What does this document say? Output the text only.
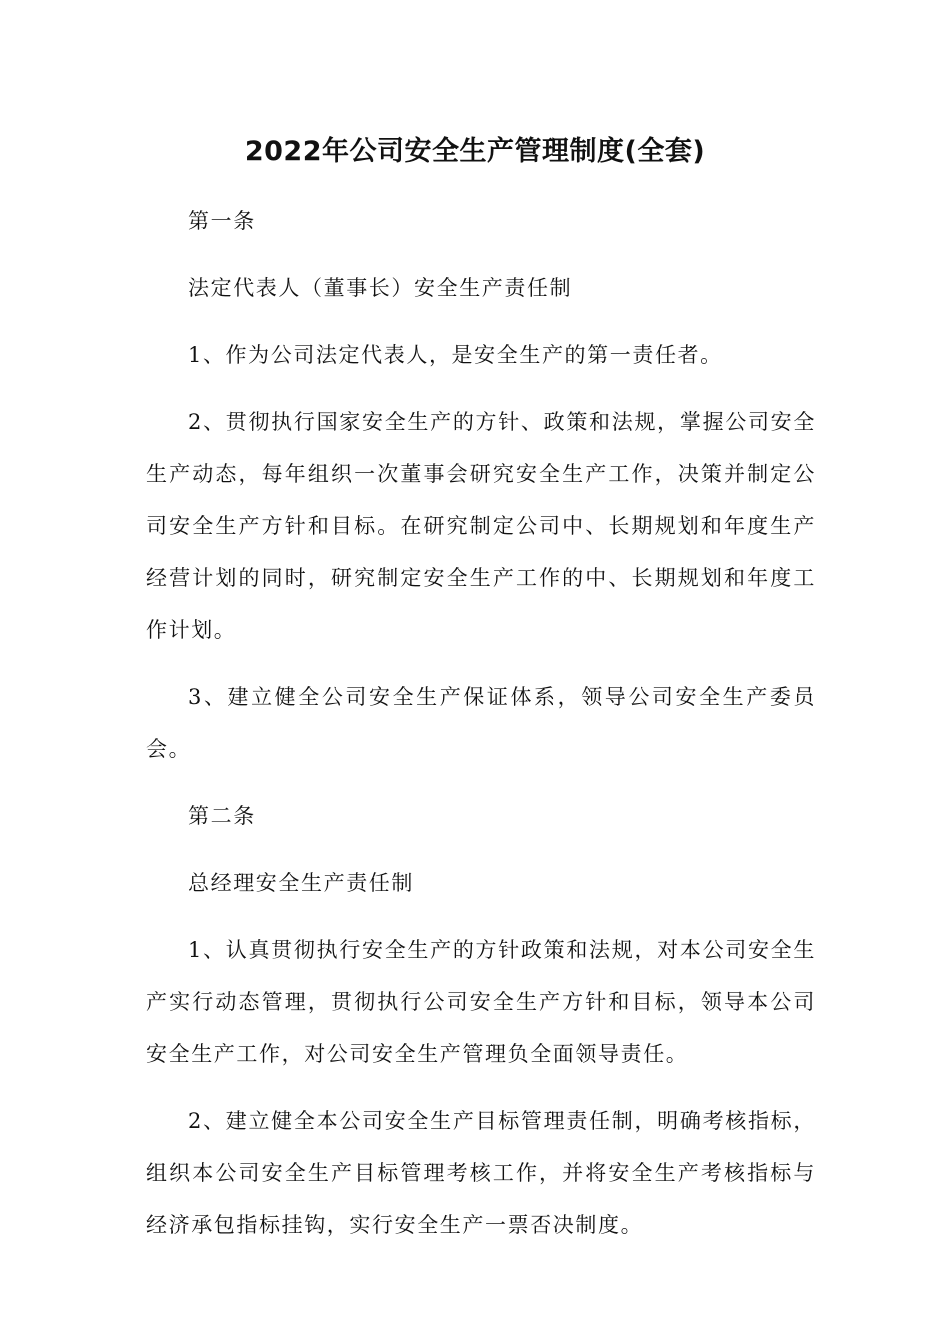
2022年公司安全生产管理制度(全套)

第一条

法定代表人（董事长）安全生产责任制

1、作为公司法定代表人，是安全生产的第一责任者。

2、贯彻执行国家安全生产的方针、政策和法规，掌握公司安全生产动态，每年组织一次董事会研究安全生产工作，决策并制定公司安全生产方针和目标。在研究制定公司中、长期规划和年度生产经营计划的同时，研究制定安全生产工作的中、长期规划和年度工作计划。

3、建立健全公司安全生产保证体系，领导公司安全生产委员会。

第二条

总经理安全生产责任制

1、认真贯彻执行安全生产的方针政策和法规，对本公司安全生产实行动态管理，贯彻执行公司安全生产方针和目标，领导本公司安全生产工作，对公司安全生产管理负全面领导责任。

2、建立健全本公司安全生产目标管理责任制，明确考核指标，组织本公司安全生产目标管理考核工作，并将安全生产考核指标与经济承包指标挂钩，实行安全生产一票否决制度。
